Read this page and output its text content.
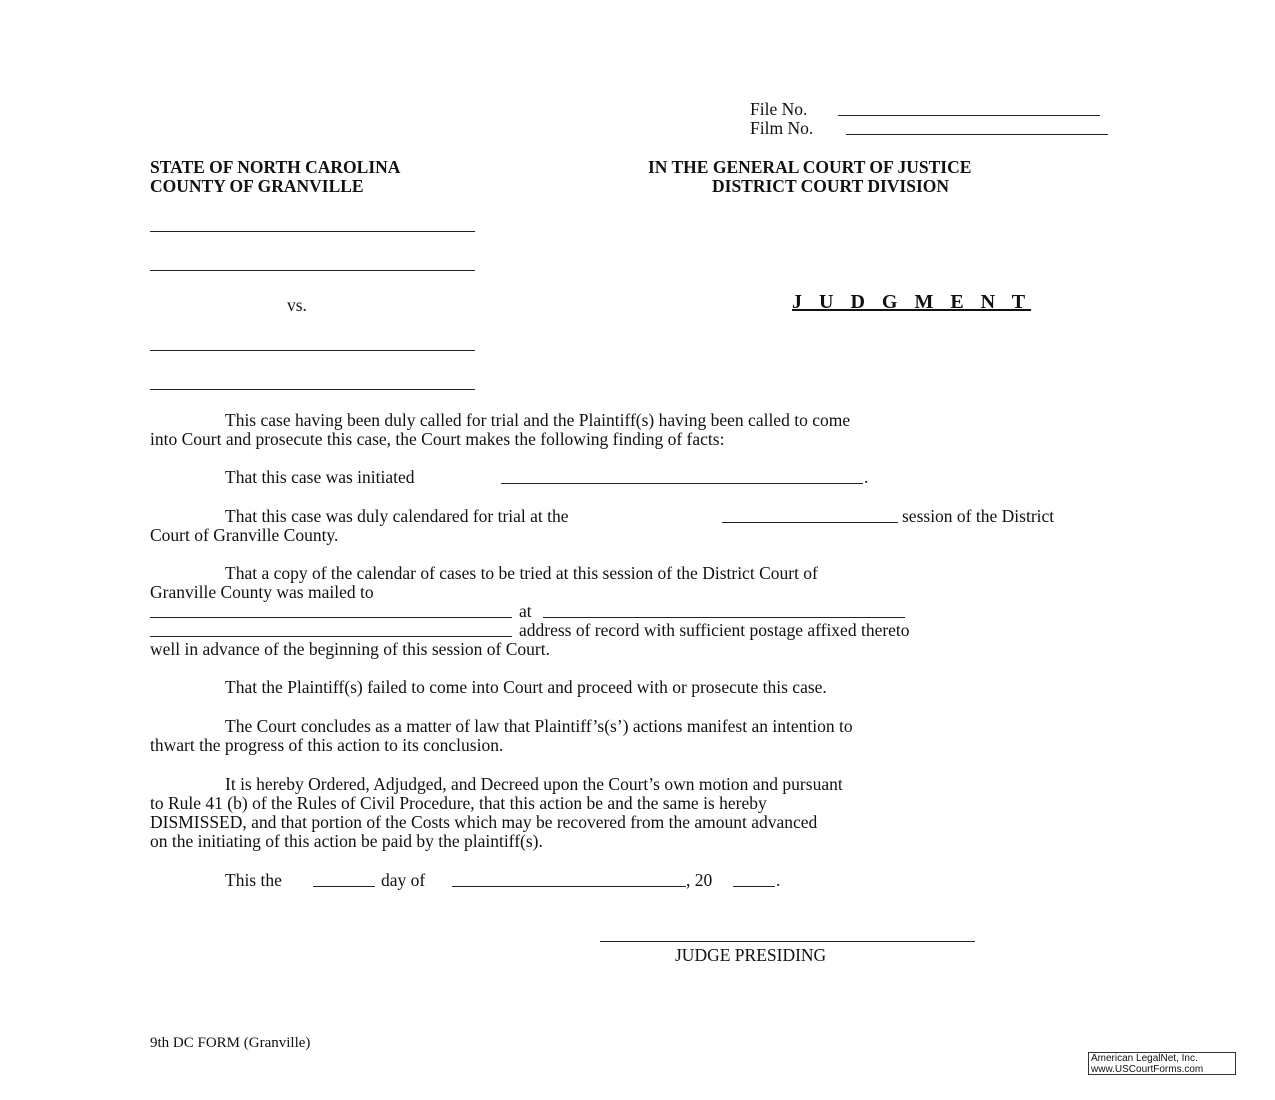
File No.

Film No.

STATE OF NORTH CAROLINA

COUNTY OF GRANVILLE

IN THE GENERAL COURT OF JUSTICE

DISTRICT COURT DIVISION

vs.	J U D G M E N T

This case having been duly called for trial and the Plaintiff(s) having been called to come

into Court and prosecute this case, the Court makes the following finding of facts:

That this case was initiated	.

That this case was duly calendared for trial at the	session of the District

Court of Granville County.

That a copy of the calendar of cases to be tried at this session of the District Court of

Granville County was mailed to

at

address of record with sufficient postage affixed thereto

well in advance of the beginning of this session of Court.

That the Plaintiff(s) failed to come into Court and proceed with or prosecute this case.

The Court concludes as a matter of law that Plaintiff’s(s’) actions manifest an intention to

thwart the progress of this action to its conclusion.

It is hereby Ordered, Adjudged, and Decreed upon the Court’s own motion and pursuant

to Rule 41 (b) of the Rules of Civil Procedure, that this action be and the same is hereby

DISMISSED, and that portion of the Costs which may be recovered from the amount advanced

on the initiating of this action be paid by the plaintiff(s).

This the	day of	, 20	.

JUDGE PRESIDING

9th DC FORM (Granville)

American LegalNet, Inc.
www.USCourtForms.com
